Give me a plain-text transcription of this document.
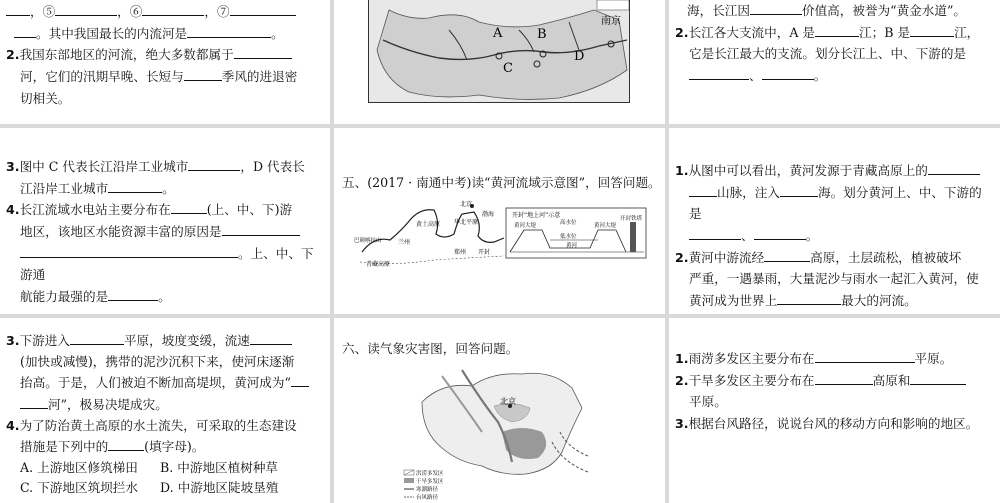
，⑤	，⑥	，⑦

。其中我国最长的内流河是	。

2.我国东部地区的河流，绝大多数都属于

河，它们的汛期早晚、长短与	季风的进退密

切相关。

A	B
C
D
南京

海，长江因	价值高，被誉为“黄金水道”。

2.长江各大支流中，A 是	江；B 是	江，

它是长江最大的支流。划分长江上、中、下游的是

、	。

3.图中 C 代表长江沿岸工业城市	，D 代表长

江沿岸工业城市	。

4.长江流域水电站主要分布在	(上、中、下)游

地区，该地区水能资源丰富的原因是

。上、中、下游通

航能力最强的是	。

五、(2017 · 南通中考)读“黄河流域示意图”，回答问题。

北京
黄土高原 华北平原
兰州
巴颜喀拉山
青藏高原
渤海
郑州 开封
开封“地上河”示意
黄河大堤	黄河大堤
高水位
低水位
开封铁塔
黄河

1.从图中可以看出，黄河发源于青藏高原上的

山脉，注入	海。划分黄河上、中、下游的是

、	。

2.黄河中游流经	高原，土层疏松，植被破坏

严重，一遇暴雨，大量泥沙与雨水一起汇入黄河，使

黄河成为世界上	最大的河流。

3.下游进入	平原，坡度变缓，流速

(加快或减慢)，携带的泥沙沉积下来，使河床逐渐

抬高。于是，人们被迫不断加高堤坝，黄河成为“

河”，极易决堤成灾。

4.为了防治黄土高原的水土流失，可采取的生态建设

措施是下列中的	(填字母)。

A. 上游地区修筑梯田 B. 中游地区植树种草

C. 下游地区筑坝拦水 D. 中游地区陡坡垦殖

六、读气象灾害图，回答问题。

北京
洪涝多发区
干旱多发区
寒潮路径
台风路径

1.雨涝多发区主要分布在	平原。

2.干旱多发区主要分布在	高原和

平原。

3.根据台风路径，说说台风的移动方向和影响的地区。
